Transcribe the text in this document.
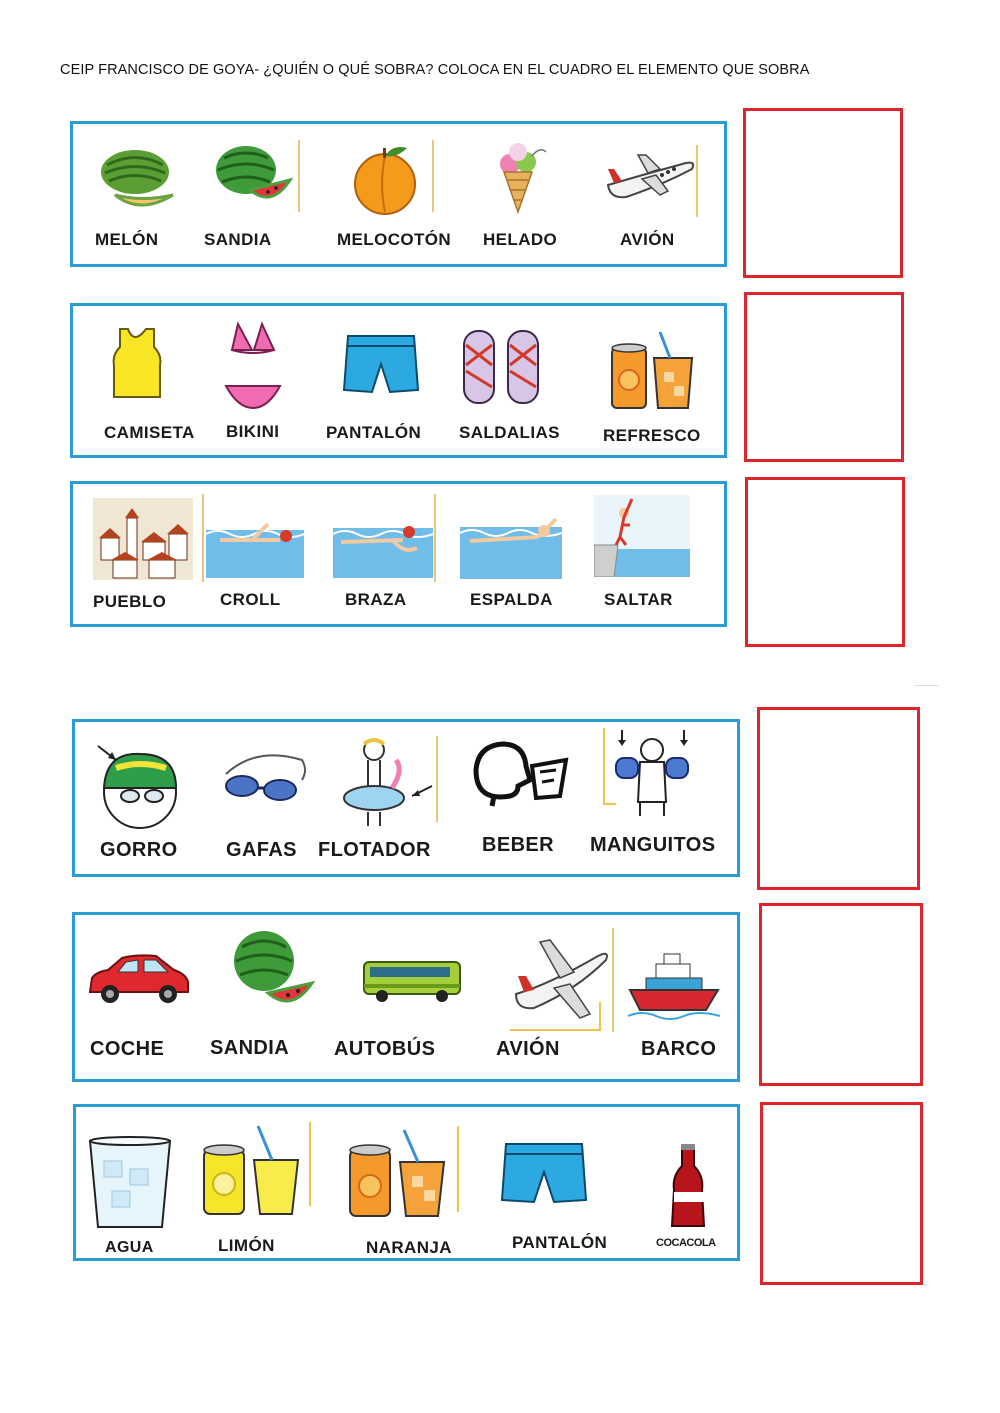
CEIP FRANCISCO DE GOYA- ¿QUIÉN O QUÉ SOBRA? COLOCA EN EL CUADRO EL ELEMENTO QUE SOBRA
MELÓN	SANDIA	MELOCOTÓN HELADO	AVIÓN
CAMISETA BIKINI	PANTALÓN SALDALIAS	REFRESCO
PUEBLO	CROLL	BRAZA	ESPALDA	SALTAR
GORRO GAFAS FLOTADOR	BEBER MANGUITOS
COCHE SANDIA AUTOBÚS	AVIÓN	BARCO
AGUA	LIMÓN	NARANJA	PANTALÓN	COCACOLA
